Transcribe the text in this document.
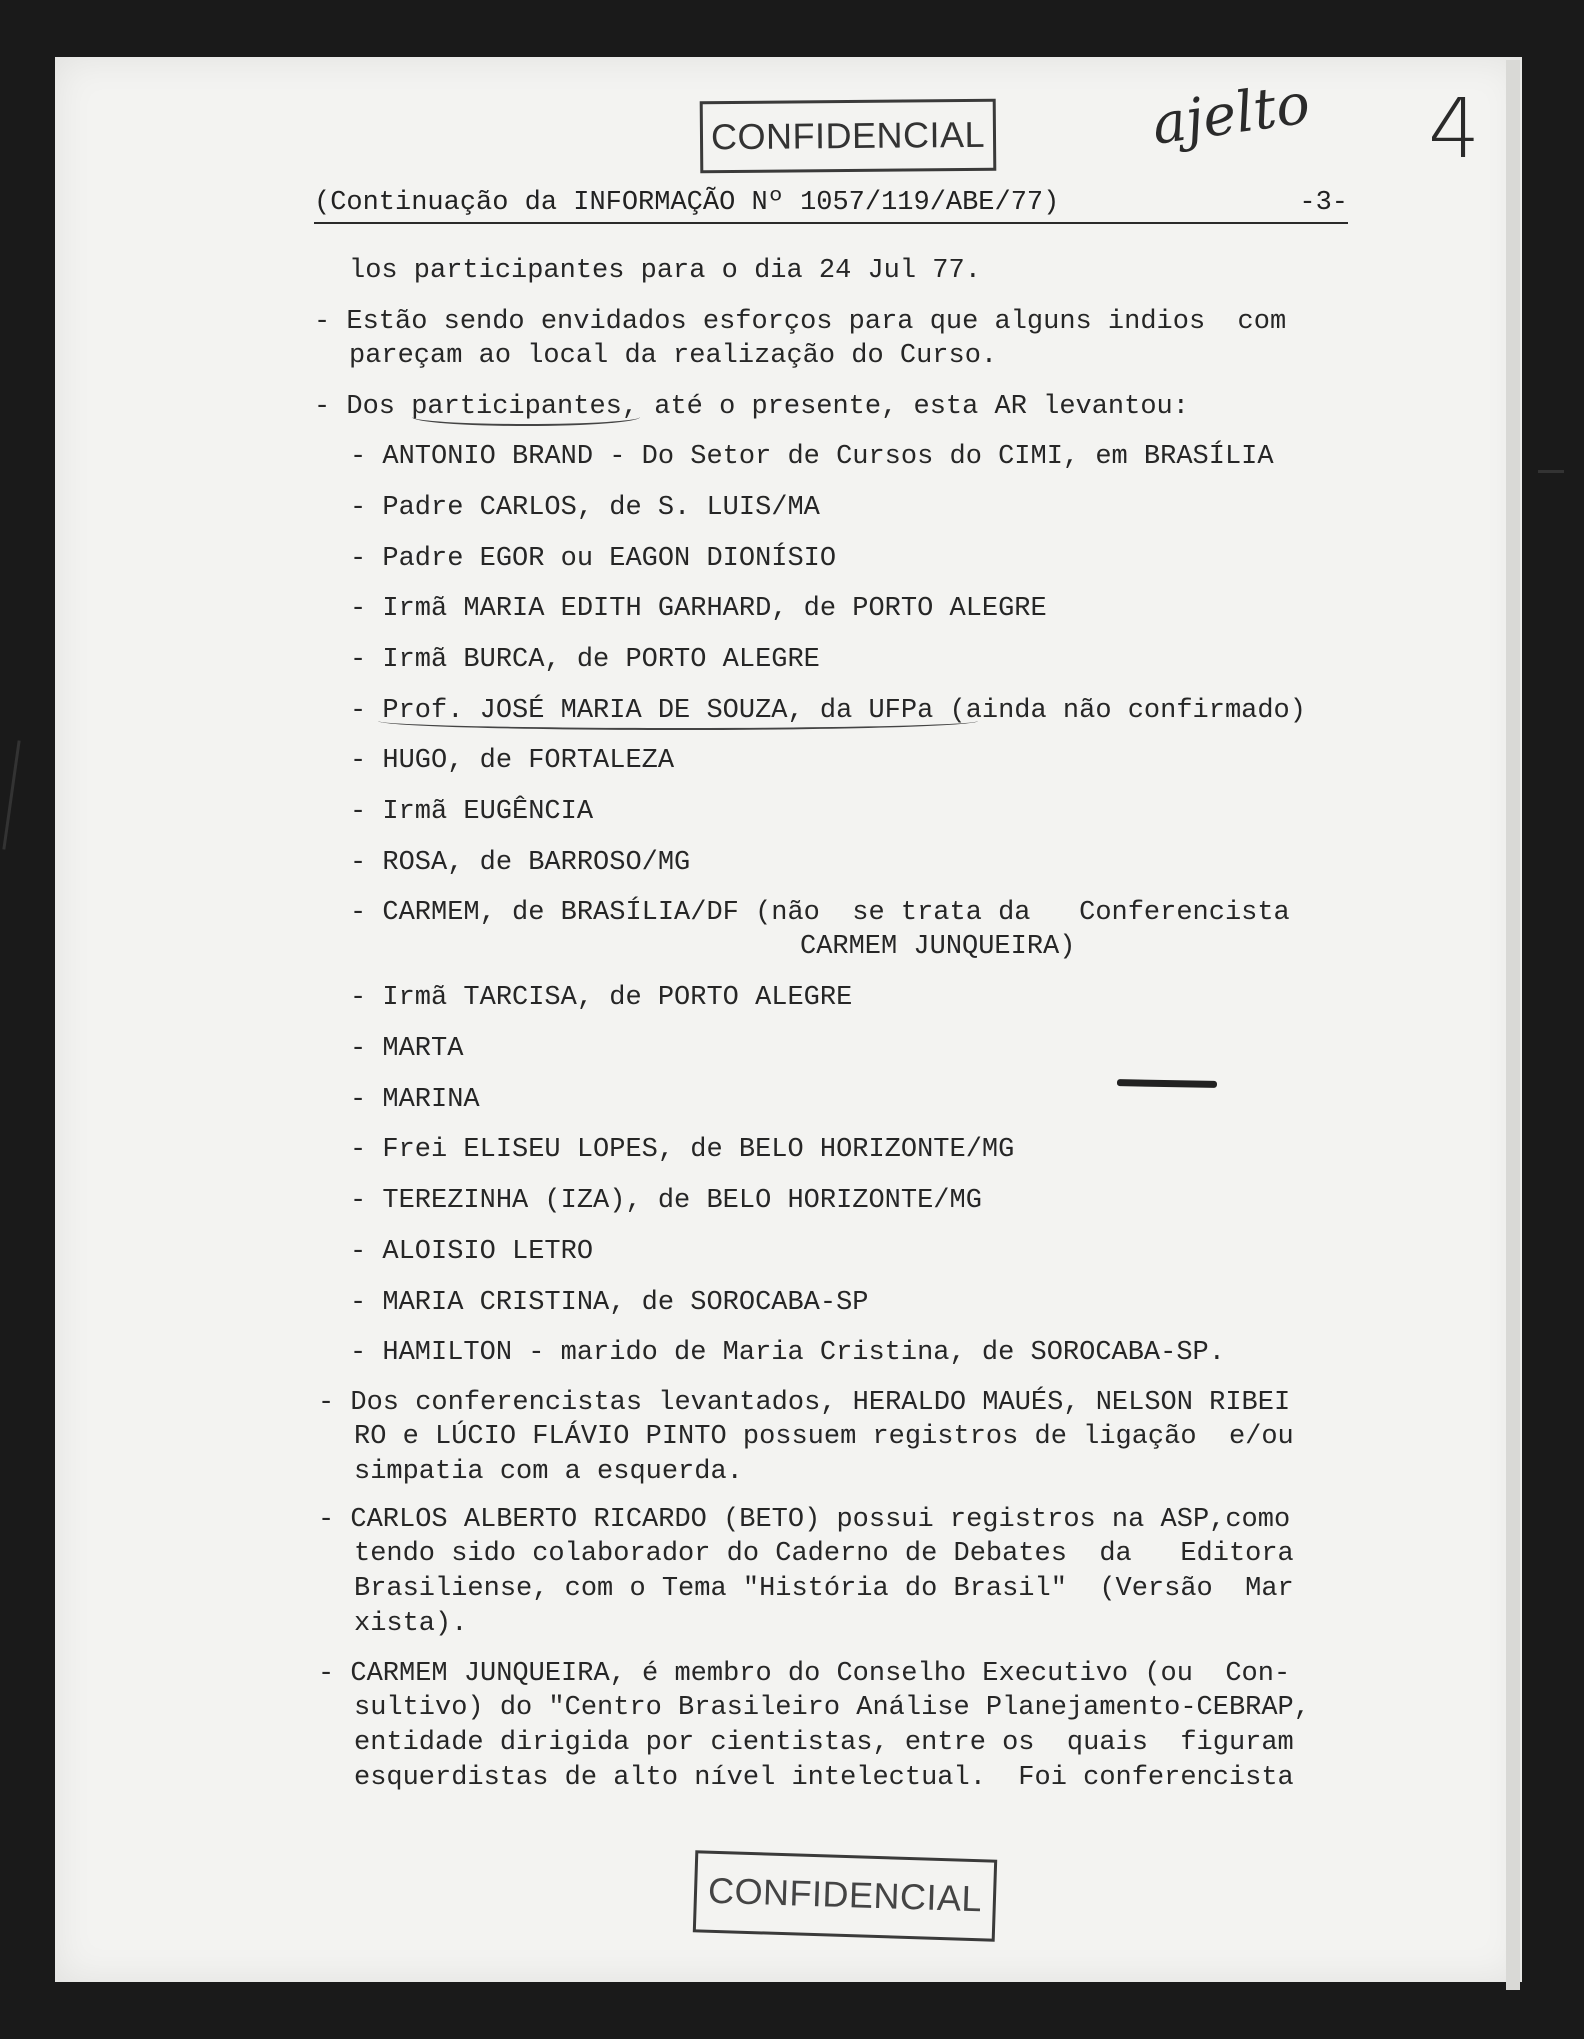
CONFIDENCIAL	ajelto 4
(Continuação da INFORMAÇÃO Nº 1057/119/ABE/77)	-3-
los participantes para o dia 24 Jul 77.
- Estão sendo envidados esforços para que alguns indios  com
pareçam ao local da realização do Curso.
- Dos participantes, até o presente, esta AR levantou:
- ANTONIO BRAND - Do Setor de Cursos do CIMI, em BRASÍLIA
- Padre CARLOS, de S. LUIS/MA
- Padre EGOR ou EAGON DIONÍSIO
- Irmã MARIA EDITH GARHARD, de PORTO ALEGRE
- Irmã BURCA, de PORTO ALEGRE
- Prof. JOSÉ MARIA DE SOUZA, da UFPa (ainda não confirmado)
- HUGO, de FORTALEZA
- Irmã EUGÊNCIA
- ROSA, de BARROSO/MG
- CARMEM, de BRASÍLIA/DF (não  se trata da   Conferencista
CARMEM JUNQUEIRA)
- Irmã TARCISA, de PORTO ALEGRE
- MARTA
- MARINA
- Frei ELISEU LOPES, de BELO HORIZONTE/MG
- TEREZINHA (IZA), de BELO HORIZONTE/MG
- ALOISIO LETRO
- MARIA CRISTINA, de SOROCABA-SP
- HAMILTON - marido de Maria Cristina, de SOROCABA-SP.
- Dos conferencistas levantados, HERALDO MAUÉS, NELSON RIBEI
RO e LÚCIO FLÁVIO PINTO possuem registros de ligação  e/ou
simpatia com a esquerda.
- CARLOS ALBERTO RICARDO (BETO) possui registros na ASP,como
tendo sido colaborador do Caderno de Debates  da   Editora
Brasiliense, com o Tema "História do Brasil"  (Versão  Mar
xista).
- CARMEM JUNQUEIRA, é membro do Conselho Executivo (ou  Con-
sultivo) do "Centro Brasileiro Análise Planejamento-CEBRAP,
entidade dirigida por cientistas, entre os  quais  figuram
esquerdistas de alto nível intelectual.  Foi conferencista
CONFIDENCIAL
